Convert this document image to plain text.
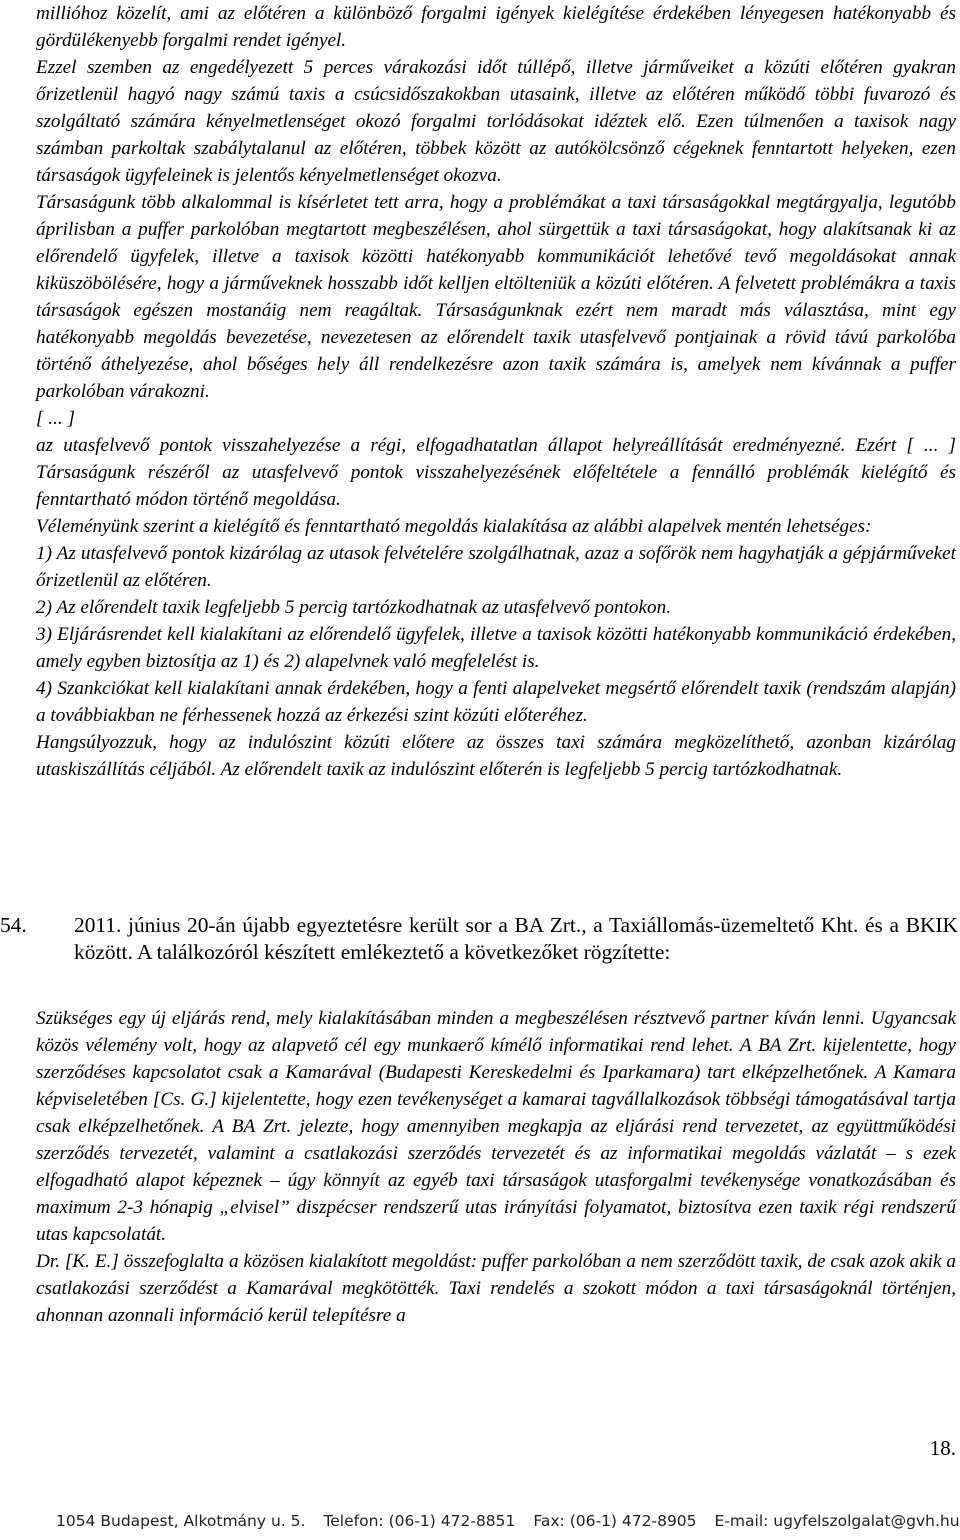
millióhoz közelít, ami az előtéren a különböző forgalmi igények kielégítése érdekében lényegesen hatékonyabb és gördülékenyebb forgalmi rendet igényel.

Ezzel szemben az engedélyezett 5 perces várakozási időt túllépő, illetve járműveiket a közúti előtéren gyakran őrizetlenül hagyó nagy számú taxis a csúcsidőszakokban utasaink, illetve az előtéren működő többi fuvarozó és szolgáltató számára kényelmetlenséget okozó forgalmi torlódásokat idéztek elő. Ezen túlmenően a taxisok nagy számban parkoltak szabálytalanul az előtéren, többek között az autókölcsönző cégeknek fenntartott helyeken, ezen társaságok ügyfeleinek is jelentős kényelmetlenséget okozva.

Társaságunk több alkalommal is kísérletet tett arra, hogy a problémákat a taxi társaságokkal megtárgyalja, legutóbb áprilisban a puffer parkolóban megtartott megbeszélésen, ahol sürgettük a taxi társaságokat, hogy alakítsanak ki az előrendelő ügyfelek, illetve a taxisok közötti hatékonyabb kommunikációt lehetővé tevő megoldásokat annak kiküszöbölésére, hogy a járműveknek hosszabb időt kelljen eltölteniük a közúti előtéren. A felvetett problémákra a taxis társaságok egészen mostanáig nem reagáltak. Társaságunknak ezért nem maradt más választása, mint egy hatékonyabb megoldás bevezetése, nevezetesen az előrendelt taxik utasfelvevő pontjainak a rövid távú parkolóba történő áthelyezése, ahol bőséges hely áll rendelkezésre azon taxik számára is, amelyek nem kívánnak a puffer parkolóban várakozni.

[ ... ]

az utasfelvevő pontok visszahelyezése a régi, elfogadhatatlan állapot helyreállítását eredményezné. Ezért [ ... ] Társaságunk részéről az utasfelvevő pontok visszahelyezésének előfeltétele a fennálló problémák kielégítő és fenntartható módon történő megoldása.

Véleményünk szerint a kielégítő és fenntartható megoldás kialakítása az alábbi alapelvek mentén lehetséges:

1) Az utasfelvevő pontok kizárólag az utasok felvételére szolgálhatnak, azaz a sofőrök nem hagyhatják a gépjárműveket őrizetlenül az előtéren.

2) Az előrendelt taxik legfeljebb 5 percig tartózkodhatnak az utasfelvevő pontokon.

3) Eljárásrendet kell kialakítani az előrendelő ügyfelek, illetve a taxisok közötti hatékonyabb kommunikáció érdekében, amely egyben biztosítja az 1) és 2) alapelvnek való megfelelést is.

4) Szankciókat kell kialakítani annak érdekében, hogy a fenti alapelveket megsértő előrendelt taxik (rendszám alapján) a továbbiakban ne férhessenek hozzá az érkezési szint közúti előteréhez.

Hangsúlyozzuk, hogy az indulószint közúti előtere az összes taxi számára megközelíthető, azonban kizárólag utaskiszállítás céljából. Az előrendelt taxik az indulószint előterén is legfeljebb 5 percig tartózkodhatnak.

54.	2011. június 20-án újabb egyeztetésre került sor a BA Zrt., a Taxiállomás-üzemeltető Kht. és a BKIK között. A találkozóról készített emlékeztető a következőket rögzítette:

Szükséges egy új eljárás rend, mely kialakításában minden a megbeszélésen résztvevő partner kíván lenni. Ugyancsak közös vélemény volt, hogy az alapvető cél egy munkaerő kímélő informatikai rend lehet. A BA Zrt. kijelentette, hogy szerződéses kapcsolatot csak a Kamarával (Budapesti Kereskedelmi és Iparkamara) tart elképzelhetőnek. A Kamara képviseletében [Cs. G.] kijelentette, hogy ezen tevékenységet a kamarai tagvállalkozások többségi támogatásával tartja csak elképzelhetőnek. A BA Zrt. jelezte, hogy amennyiben megkapja az eljárási rend tervezetet, az együttműködési szerződés tervezetét, valamint a csatlakozási szerződés tervezetét és az informatikai megoldás vázlatát – s ezek elfogadható alapot képeznek – úgy könnyít az egyéb taxi társaságok utasforgalmi tevékenysége vonatkozásában és maximum 2-3 hónapig „elvisel” diszpécser rendszerű utas irányítási folyamatot, biztosítva ezen taxik régi rendszerű utas kapcsolatát.

Dr. [K. E.] összefoglalta a közösen kialakított megoldást: puffer parkolóban a nem szerződött taxik, de csak azok akik a csatlakozási szerződést a Kamarával megkötötték. Taxi rendelés a szokott módon a taxi társaságoknál történjen, ahonnan azonnali információ kerül telepítésre a

18.
1054 Budapest, Alkotmány u. 5. Telefon: (06-1) 472-8851 Fax: (06-1) 472-8905 E-mail: ugyfelszolgalat@gvh.hu
